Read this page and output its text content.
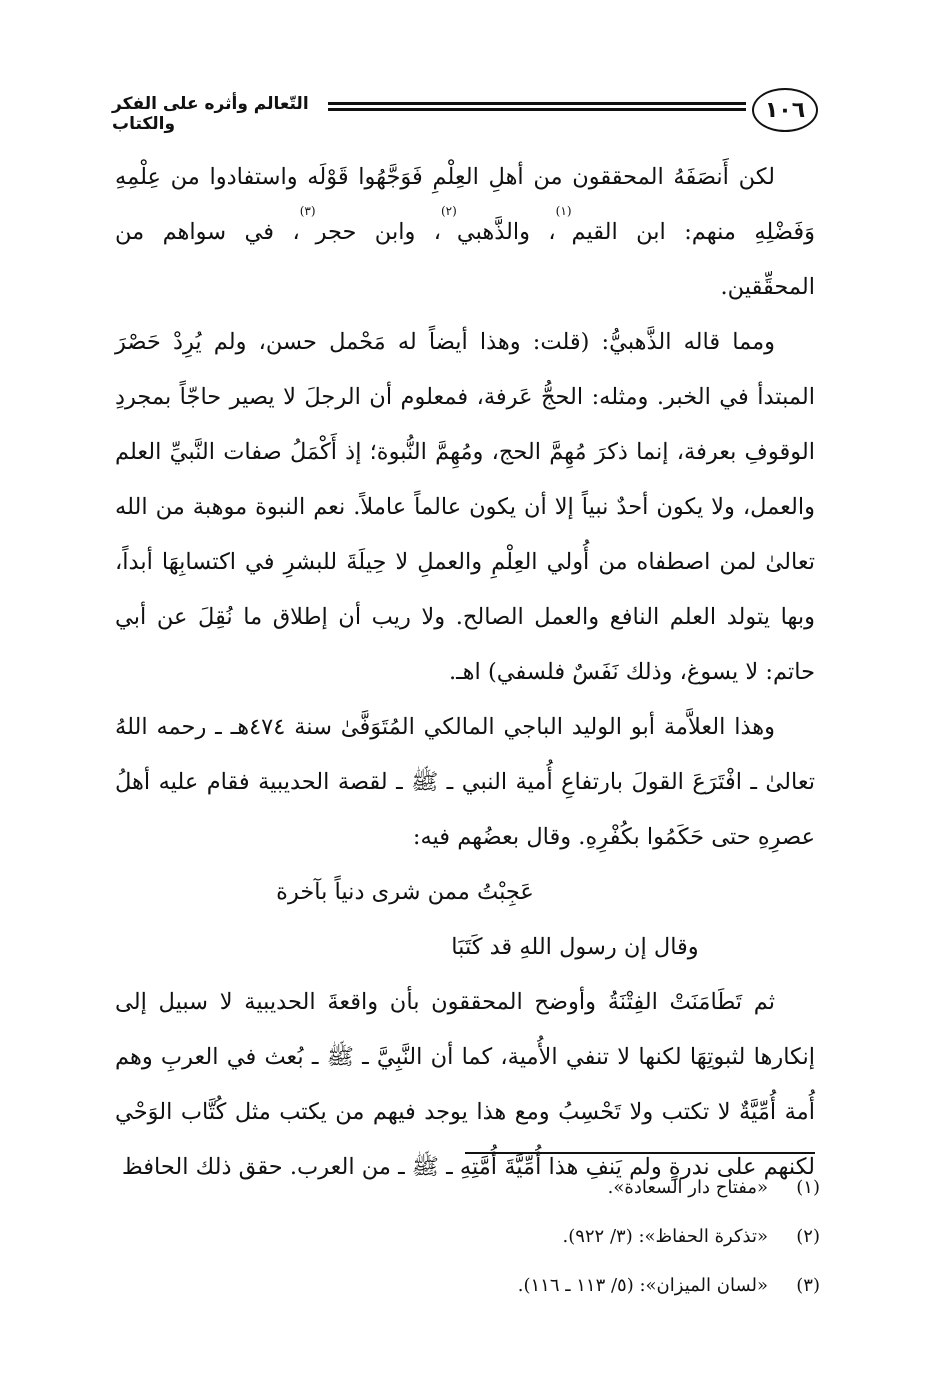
١٠٦
التّعالم وأثره على الفكر والكتاب

لكن أَنصَفَهُ المحققون من أهلِ العِلْمِ فَوَجَّهُوا قَوْلَه واستفادوا من عِلْمِهِ وَفَضْلِهِ منهم: ابن القيم$^{(١)}$، والذَّهبي$^{(٢)}$، وابن حجر$^{(٣)}$، في سواهم من المحقِّقين.

ومما قاله الذَّهبيُّ: (قلت: وهذا أيضاً له مَحْمل حسن، ولم يُرِدْ حَصْرَ المبتدأ في الخبر. ومثله: الحجُّ عَرفة، فمعلوم أن الرجلَ لا يصير حاجّاً بمجردِ الوقوفِ بعرفة، إنما ذكرَ مُهِمَّ الحج، ومُهِمَّ النُّبوة؛ إذ أَكْمَلُ صفات النَّبيِّ العلم والعمل، ولا يكون أحدٌ نبياً إلا أن يكون عالماً عاملاً. نعم النبوة موهبة من الله تعالىٰ لمن اصطفاه من أُولي العِلْمِ والعملِ لا حِيلَةَ للبشرِ في اكتسابِهَا أبداً، وبها يتولد العلم النافع والعمل الصالح. ولا ريب أن إطلاق ما نُقِلَ عن أبي حاتم: لا يسوغ، وذلك نَفَسٌ فلسفي) اهـ.

وهذا العلاَّمة أبو الوليد الباجي المالكي المُتَوَفَّىٰ سنة ٤٧٤هـ ـ رحمه اللهُ تعالىٰ ـ افْتَرَعَ القولَ بارتفاعِ أُمية النبي ـ ﷺ ـ لقصة الحديبية فقام عليه أهلُ عصرِهِ حتى حَكَمُوا بكُفْرِهِ. وقال بعضُهم فيه:

عَجِبْتُ ممن شرى دنياً بآخرة

وقال إن رسول اللهِ قد كَتَبَا

ثم تَطَامَنَتْ الفِتْنَةُ وأوضح المحققون بأن واقعةَ الحديبية لا سبيل إلى إنكارها لثبوتِهَا لكنها لا تنفي الأُمية، كما أن النَّبِيَّ ـ ﷺ ـ بُعث في العربِ وهم أُمة أُمِّيَّةٌ لا تكتب ولا تَحْسِبُ ومع هذا يوجد فيهم من يكتب مثل كُتَّاب الوَحْي لكنهم على ندرةٍ ولم يَنفِ هذا أُمِّيَّةَ أُمَّتِهِ ـ ﷺ ـ من العرب. حقق ذلك الحافظ

(١)
«مفتاح دار السعادة».
(٢)
«تذكرة الحفاظ»: (٣/ ٩٢٢).
(٣)
«لسان الميزان»: (٥/ ١١٣ ـ ١١٦).
